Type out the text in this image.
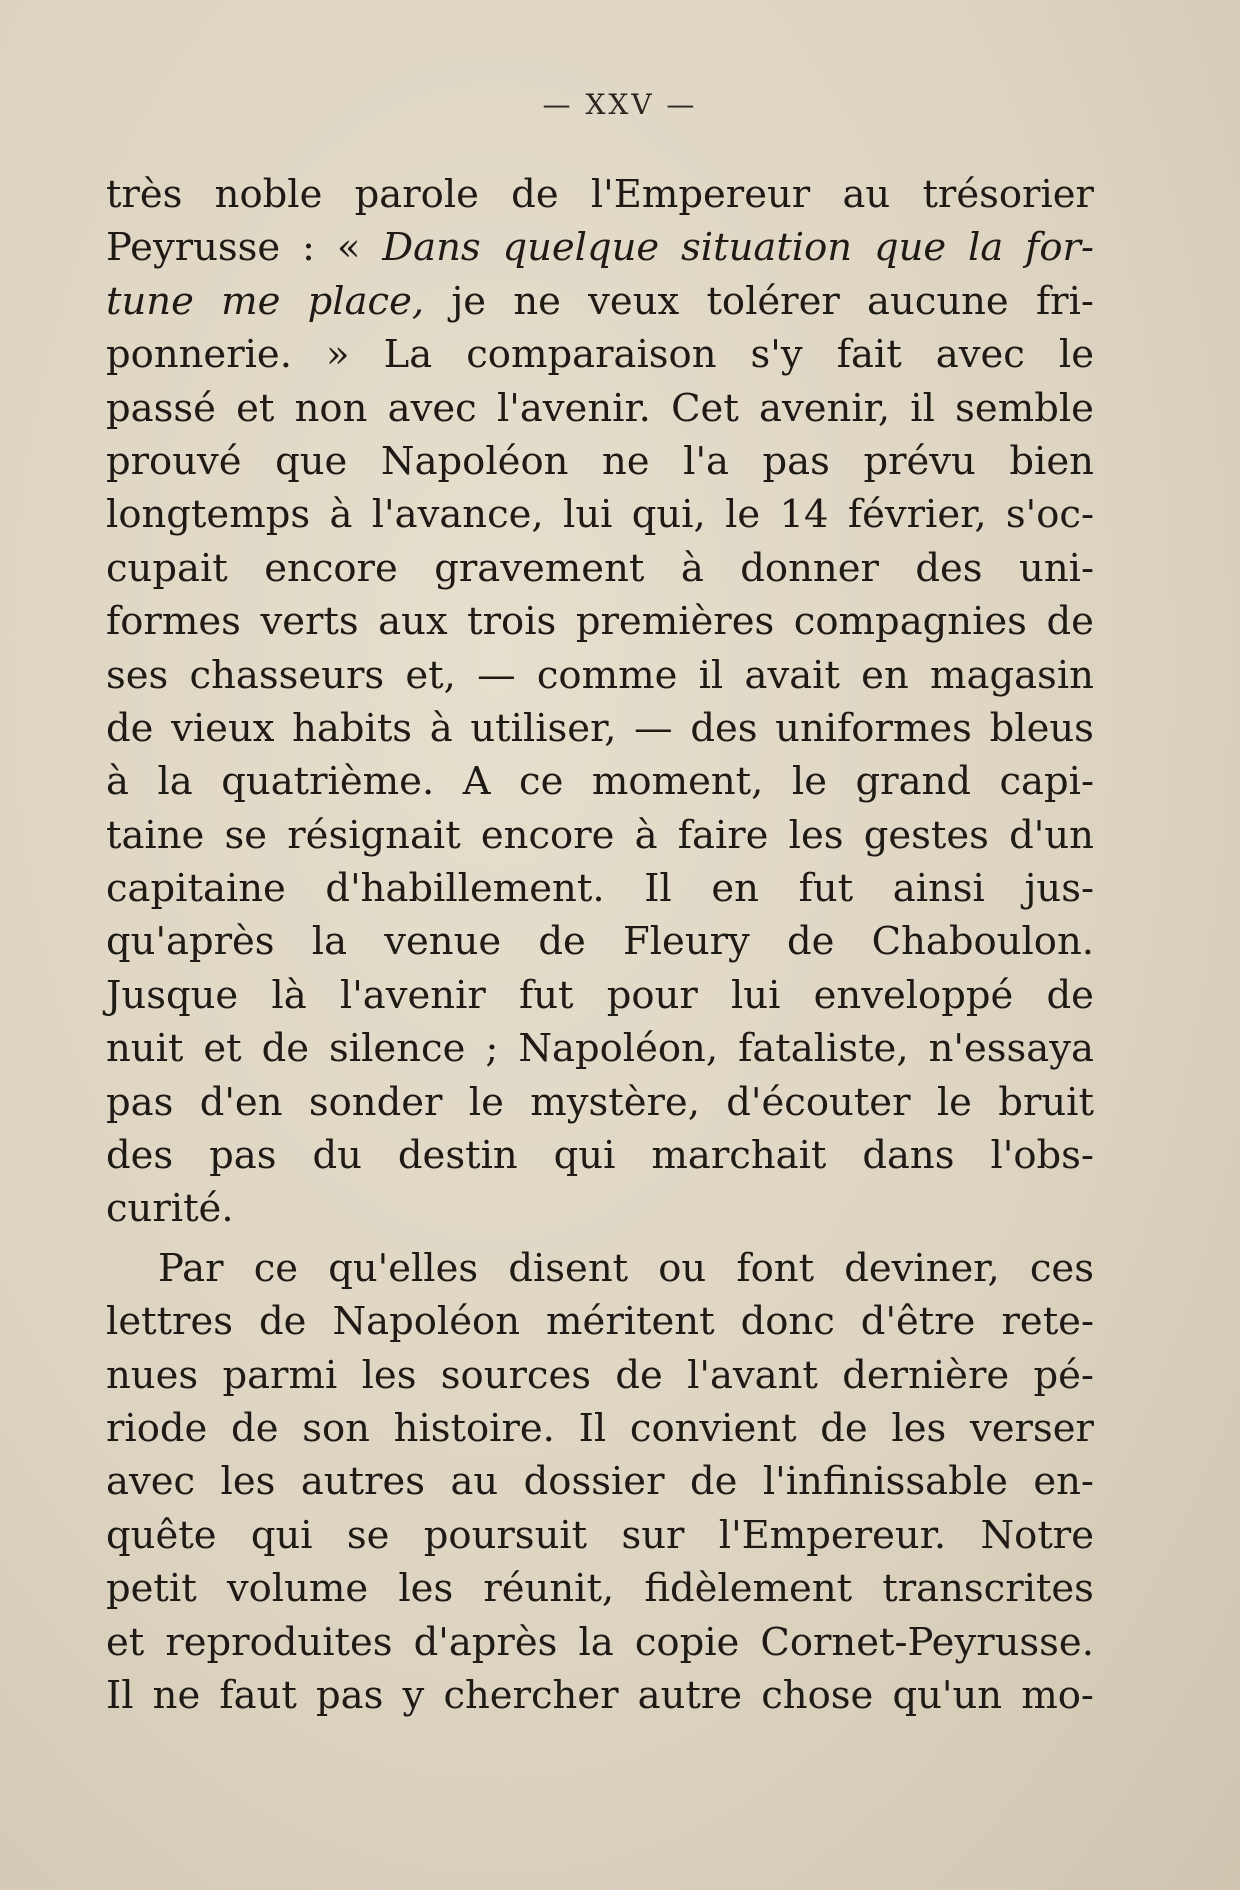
— XXV —
très noble parole de l'Empereur au trésorier
Peyrusse : « Dans quelque situation que la for-
tune me place, je ne veux tolérer aucune fri-
ponnerie. » La comparaison s'y fait avec le
passé et non avec l'avenir. Cet avenir, il semble
prouvé que Napoléon ne l'a pas prévu bien
longtemps à l'avance, lui qui, le 14 février, s'oc-
cupait encore gravement à donner des uni-
formes verts aux trois premières compagnies de
ses chasseurs et, — comme il avait en magasin
de vieux habits à utiliser, — des uniformes bleus
à la quatrième. A ce moment, le grand capi-
taine se résignait encore à faire les gestes d'un
capitaine d'habillement. Il en fut ainsi jus-
qu'après la venue de Fleury de Chaboulon.
Jusque là l'avenir fut pour lui enveloppé de
nuit et de silence ; Napoléon, fataliste, n'essaya
pas d'en sonder le mystère, d'écouter le bruit
des pas du destin qui marchait dans l'obs-
curité.
Par ce qu'elles disent ou font deviner, ces
lettres de Napoléon méritent donc d'être rete-
nues parmi les sources de l'avant dernière pé-
riode de son histoire. Il convient de les verser
avec les autres au dossier de l'infinissable en-
quête qui se poursuit sur l'Empereur. Notre
petit volume les réunit, fidèlement transcrites
et reproduites d'après la copie Cornet-Peyrusse.
Il ne faut pas y chercher autre chose qu'un mo-
